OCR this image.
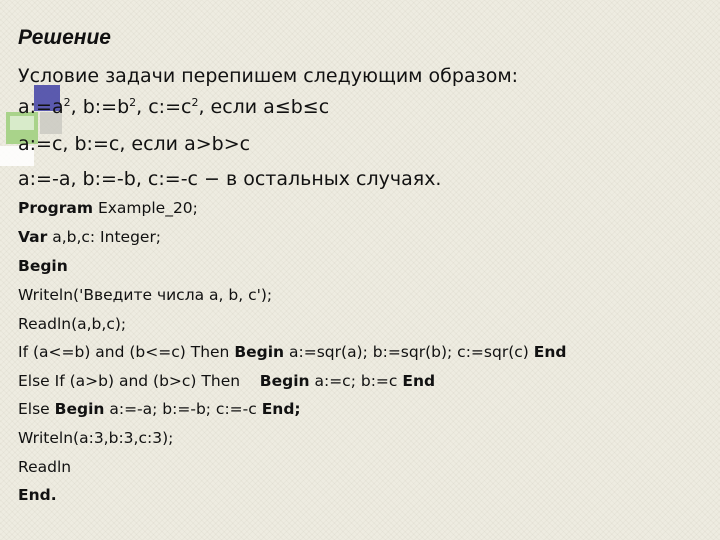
Решение
Условие задачи перепишем следующим образом:
$a:=a^2$, $b:=b^2$, $c:=c^2$, если a≤b≤c
a:=c, b:=c, если a>b>c
a:=-a, b:=-b, c:=-c − в остальных случаях.
Program Example_20;
Var a,b,c: Integer;
Begin
Writeln('Введите числа a, b, c');
Readln(a,b,c);
If (a<=b) and (b<=c) Then Begin a:=sqr(a); b:=sqr(b); c:=sqr(c) End
Else If (a>b) and (b>c) Then    Begin a:=c; b:=c End
Else Begin a:=-a; b:=-b; c:=-c End;
Writeln(a:3,b:3,c:3);
Readln
End.
